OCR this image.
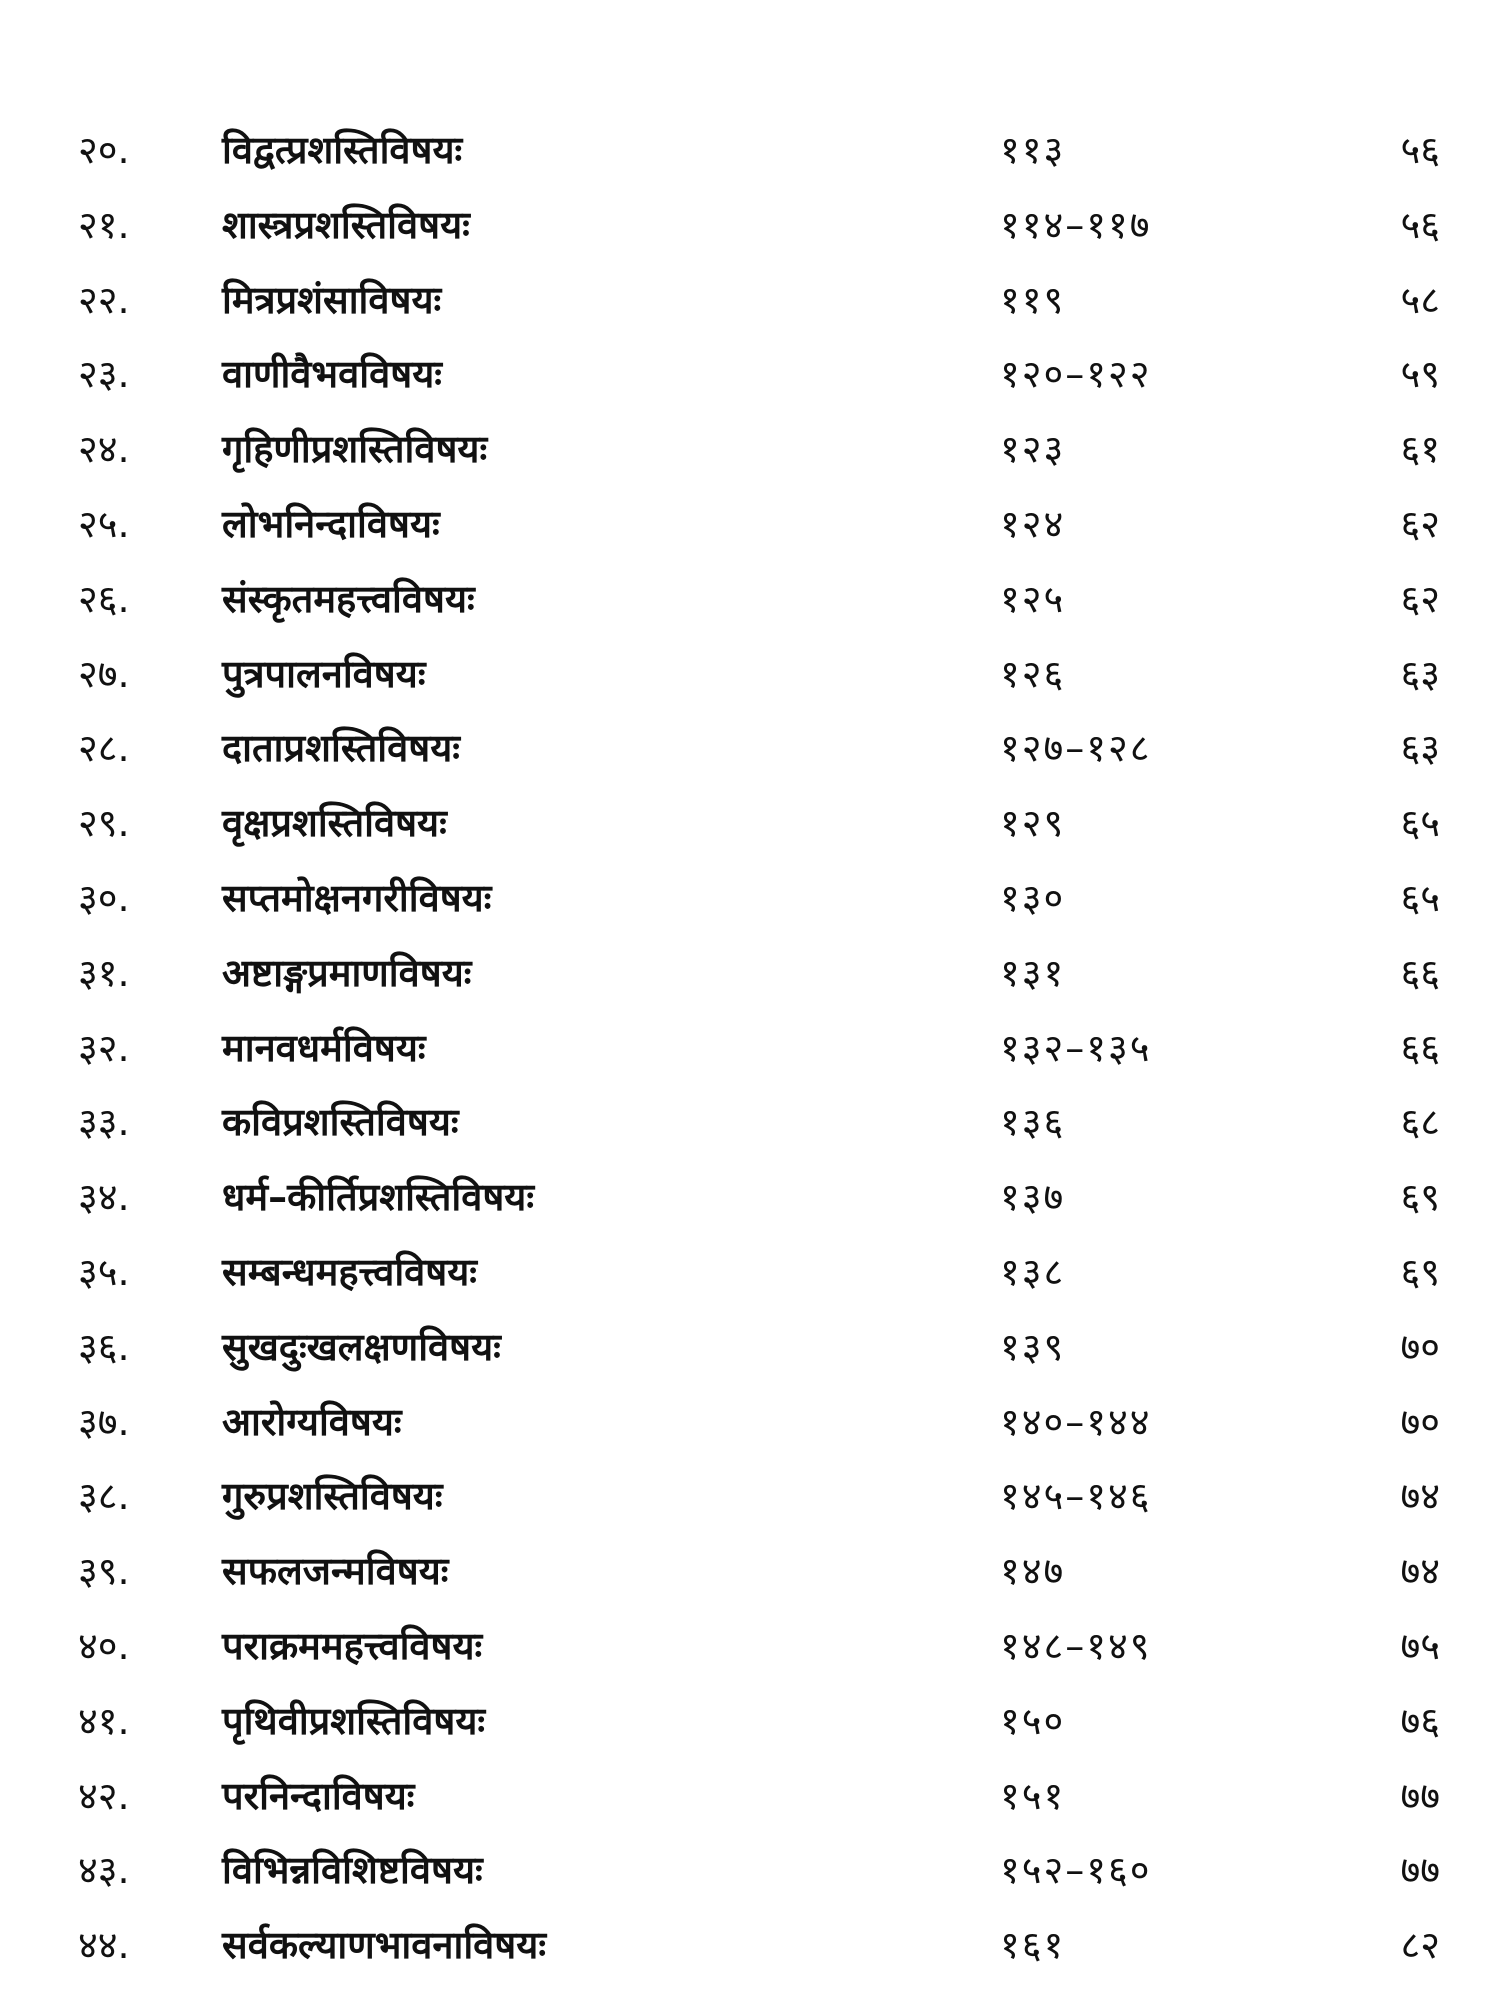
२०. विद्वत्प्रशस्तिविषयः	११३	५६
२१. शास्त्रप्रशस्तिविषयः	११४–११७	५६
२२. मित्रप्रशंसाविषयः	११९	५८
२३. वाणीवैभवविषयः	१२०–१२२	५९
२४. गृहिणीप्रशस्तिविषयः	१२३	६१
२५. लोभनिन्दाविषयः	१२४	६२
२६. संस्कृतमहत्त्वविषयः	१२५	६२
२७. पुत्रपालनविषयः	१२६	६३
२८. दाताप्रशस्तिविषयः	१२७–१२८	६३
२९. वृक्षप्रशस्तिविषयः	१२९	६५
३०. सप्तमोक्षनगरीविषयः	१३०	६५
३१. अष्टाङ्गप्रमाणविषयः	१३१	६६
३२. मानवधर्मविषयः	१३२–१३५	६६
३३. कविप्रशस्तिविषयः	१३६	६८
३४. धर्म–कीर्तिप्रशस्तिविषयः	१३७	६९
३५. सम्बन्धमहत्त्वविषयः	१३८	६९
३६. सुखदुःखलक्षणविषयः	१३९	७०
३७. आरोग्यविषयः	१४०–१४४	७०
३८. गुरुप्रशस्तिविषयः	१४५–१४६	७४
३९. सफलजन्मविषयः	१४७	७४
४०. पराक्रममहत्त्वविषयः	१४८–१४९	७५
४१. पृथिवीप्रशस्तिविषयः	१५०	७६
४२. परनिन्दाविषयः	१५१	७७
४३. विभिन्नविशिष्टविषयः	१५२–१६०	७७
४४. सर्वकल्याणभावनाविषयः	१६१	८२
